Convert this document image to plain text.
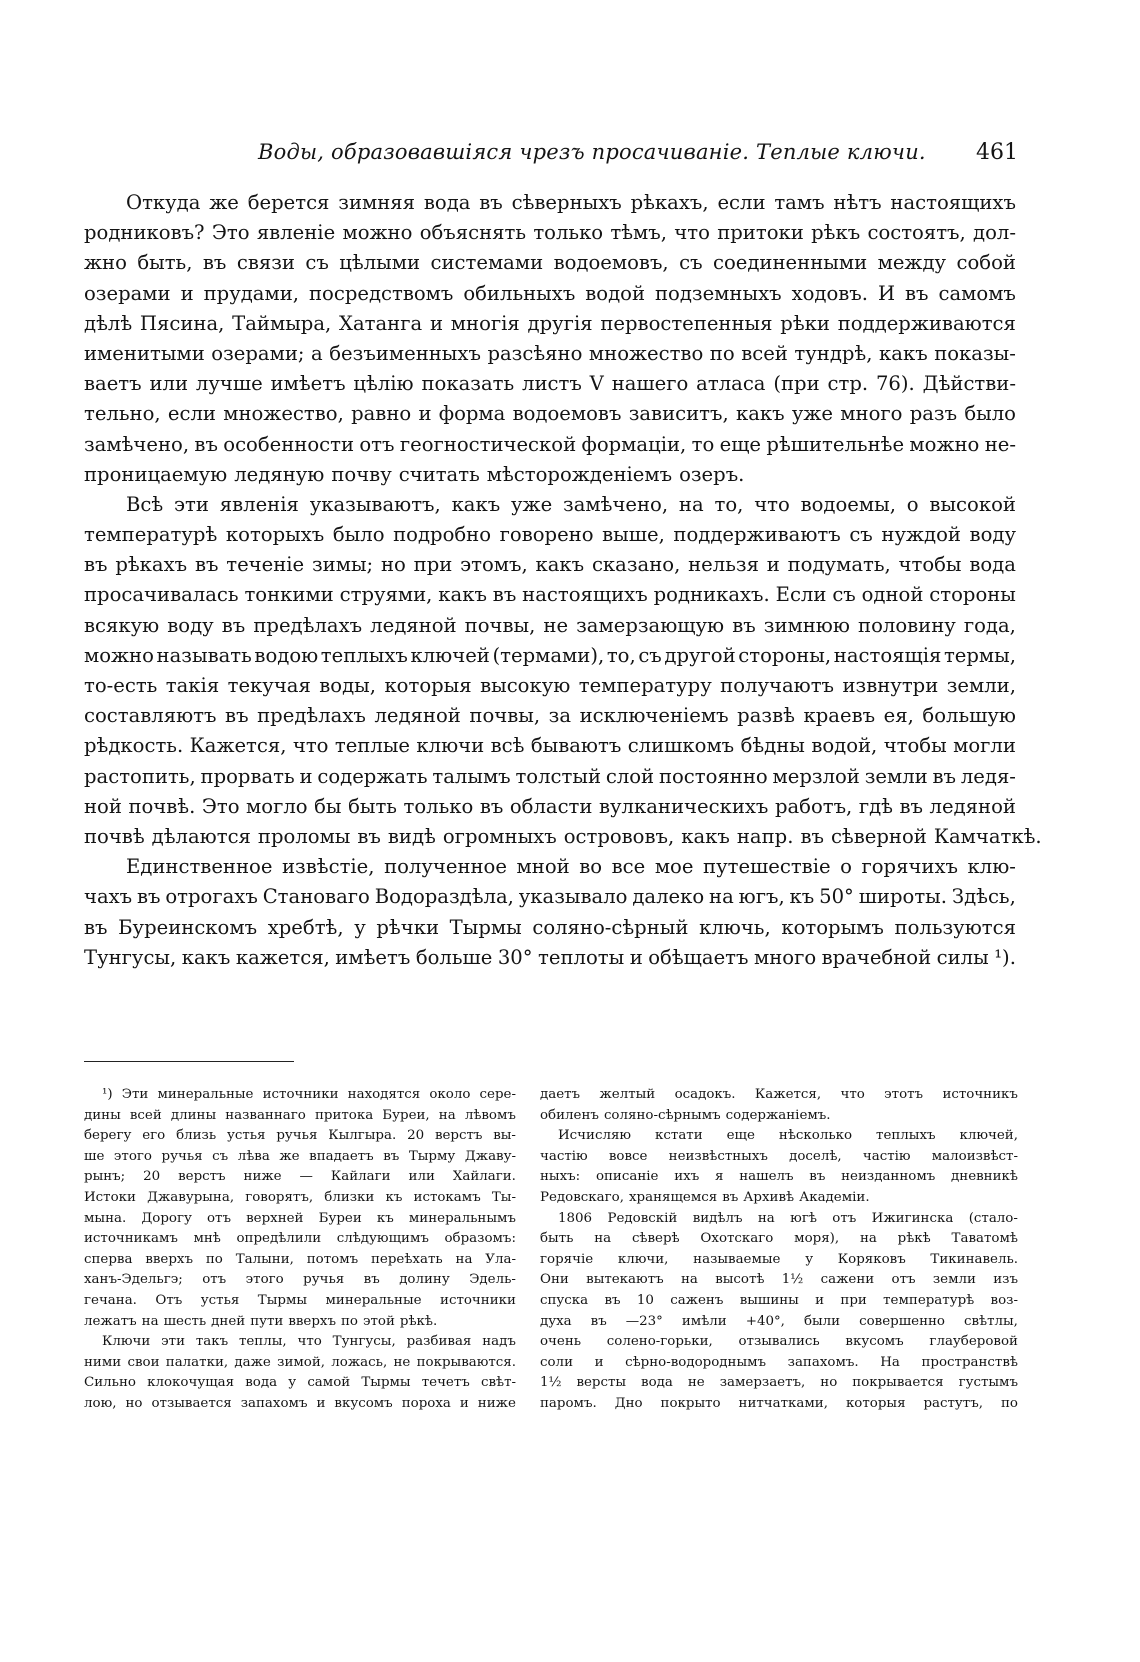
Воды, образовавшіяся чрезъ просачиваніе. Теплые ключи. 461
Откуда же берется зимняя вода въ сѣверныхъ рѣкахъ, если тамъ нѣтъ настоящихъ
родниковъ? Это явленіе можно объяснять только тѣмъ, что притоки рѣкъ состоятъ, дол-
жно быть, въ связи съ цѣлыми системами водоемовъ, съ соединенными между собой
озерами и прудами, посредствомъ обильныхъ водой подземныхъ ходовъ. И въ самомъ
дѣлѣ Пясина, Таймыра, Хатанга и многія другія первостепенныя рѣки поддерживаются
именитыми озерами; а безъименныхъ разсѣяно множество по всей тундрѣ, какъ показы-
ваетъ или лучше имѣетъ цѣлію показать листъ V нашего атласа (при стр. 76). Дѣйстви-
тельно, если множество, равно и форма водоемовъ зависитъ, какъ уже много разъ было
замѣчено, въ особенности отъ геогностической формаціи, то еще рѣшительнѣе можно не-
проницаемую ледяную почву считать мѣсторожденіемъ озеръ.
Всѣ эти явленія указываютъ, какъ уже замѣчено, на то, что водоемы, о высокой
температурѣ которыхъ было подробно говорено выше, поддерживаютъ съ нуждой воду
въ рѣкахъ въ теченіе зимы; но при этомъ, какъ сказано, нельзя и подумать, чтобы вода
просачивалась тонкими струями, какъ въ настоящихъ родникахъ. Если съ одной стороны
всякую воду въ предѣлахъ ледяной почвы, не замерзающую въ зимнюю половину года,
можно называть водою теплыхъ ключей (термами), то, съ другой стороны, настоящія термы,
то-есть такія текучая воды, которыя высокую температуру получаютъ извнутри земли,
составляютъ въ предѣлахъ ледяной почвы, за исключеніемъ развѣ краевъ ея, большую
рѣдкость. Кажется, что теплые ключи всѣ бываютъ слишкомъ бѣдны водой, чтобы могли
растопить, прорвать и содержать талымъ толстый слой постоянно мерзлой земли въ ледя-
ной почвѣ. Это могло бы быть только въ области вулканическихъ работъ, гдѣ въ ледяной
почвѣ дѣлаются проломы въ видѣ огромныхъ острововъ, какъ напр. въ сѣверной Камчаткѣ.
Единственное извѣстіе, полученное мной во все мое путешествіе о горячихъ клю-
чахъ въ отрогахъ Становаго Водораздѣла, указывало далеко на югъ, къ 50° широты. Здѣсь,
въ Буреинскомъ хребтѣ, у рѣчки Тырмы соляно-сѣрный ключь, которымъ пользуются
Тунгусы, какъ кажется, имѣетъ больше 30° теплоты и обѣщаетъ много врачебной силы ¹).
¹) Эти минеральные источники находятся около сере-
дины всей длины названнаго притока Буреи, на лѣвомъ
берегу его близь устья ручья Кылгыра. 20 верстъ вы-
ше этого ручья съ лѣва же впадаетъ въ Тырму Джаву-
рынъ; 20 верстъ ниже — Кайлаги или Хайлаги.
Истоки Джавурына, говорятъ, близки къ истокамъ Ты-
мына. Дорогу отъ верхней Буреи къ минеральнымъ
источникамъ мнѣ опредѣлили слѣдующимъ образомъ:
сперва вверхъ по Талыни, потомъ переѣхать на Ула-
ханъ-Эдельгэ; отъ этого ручья въ долину Эдель-
гечана. Отъ устья Тырмы минеральные источники
лежатъ на шесть дней пути вверхъ по этой рѣкѣ.
Ключи эти такъ теплы, что Тунгусы, разбивая надъ
ними свои палатки, даже зимой, ложась, не покрываются.
Сильно клокочущая вода у самой Тырмы течетъ свѣт-
лою, но отзывается запахомъ и вкусомъ пороха и ниже
даетъ желтый осадокъ. Кажется, что этотъ источникъ
обиленъ соляно-сѣрнымъ содержаніемъ.
Исчисляю кстати еще нѣсколько теплыхъ ключей,
частію вовсе неизвѣстныхъ доселѣ, частію малоизвѣст-
ныхъ: описаніе ихъ я нашелъ въ неизданномъ дневникѣ
Редовскаго, хранящемся въ Архивѣ Академіи.
1806 Редовскій видѣлъ на югѣ отъ Ижигинска (стало-
быть на сѣверѣ Охотскаго моря), на рѣкѣ Таватомѣ
горячіе ключи, называемые у Коряковъ Тикинавель.
Они вытекаютъ на высотѣ 1½ сажени отъ земли изъ
спуска въ 10 саженъ вышины и при температурѣ воз-
духа въ —23° имѣли +40°, были совершенно свѣтлы,
очень солено-горьки, отзывались вкусомъ глауберовой
соли и сѣрно-водороднымъ запахомъ. На пространствѣ
1½ версты вода не замерзаетъ, но покрывается густымъ
паромъ. Дно покрыто нитчатками, которыя растутъ, по
